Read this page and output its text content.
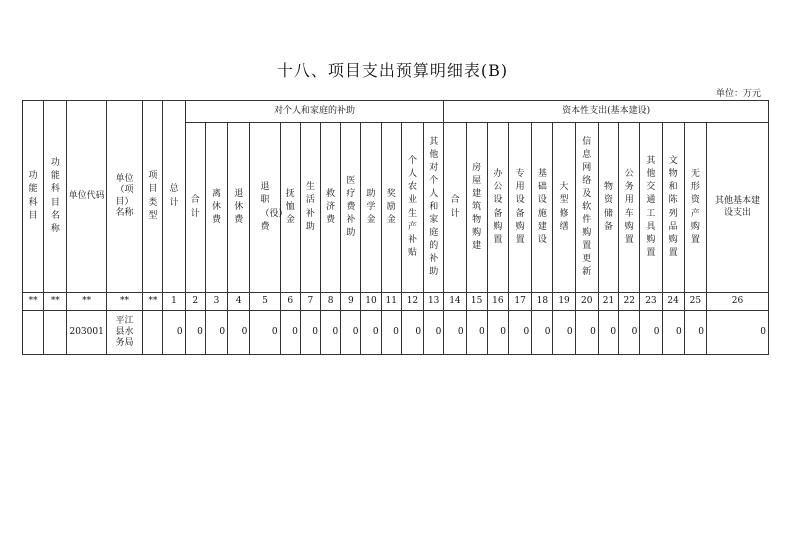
十八、项目支出预算明细表(B)
单位：万元
功能科目	功能科目名称	单位代码	单位（项目）名称	项目类型	总计	对个人和家庭的补助												资本性支出(基本建设)												
						合计	离休费	退休费	退职（役）费	抚恤金	生活补助	救济费	医疗费补助	助学金	奖励金	个人农业生产补贴	其他对个人和家庭的补助	合计	房屋建筑物购建	办公设备购置	专用设备购置	基础设施建设	大型修缮	信息网络及软件购置更新	物资储备	公务用车购置	其他交通工具购置	文物和陈列品购置	无形资产购置	其他基本建设支出
**	**	**	**	**	1	2	3	4	5	6	7	8	9	10	11	12	13	14	15	16	17	18	19	20	21	22	23	24	25	26
		203001	平江县水务局		0	0	0	0	0	0	0	0	0	0	0	0	0	0	0	0	0	0	0	0	0	0	0	0	0	0
